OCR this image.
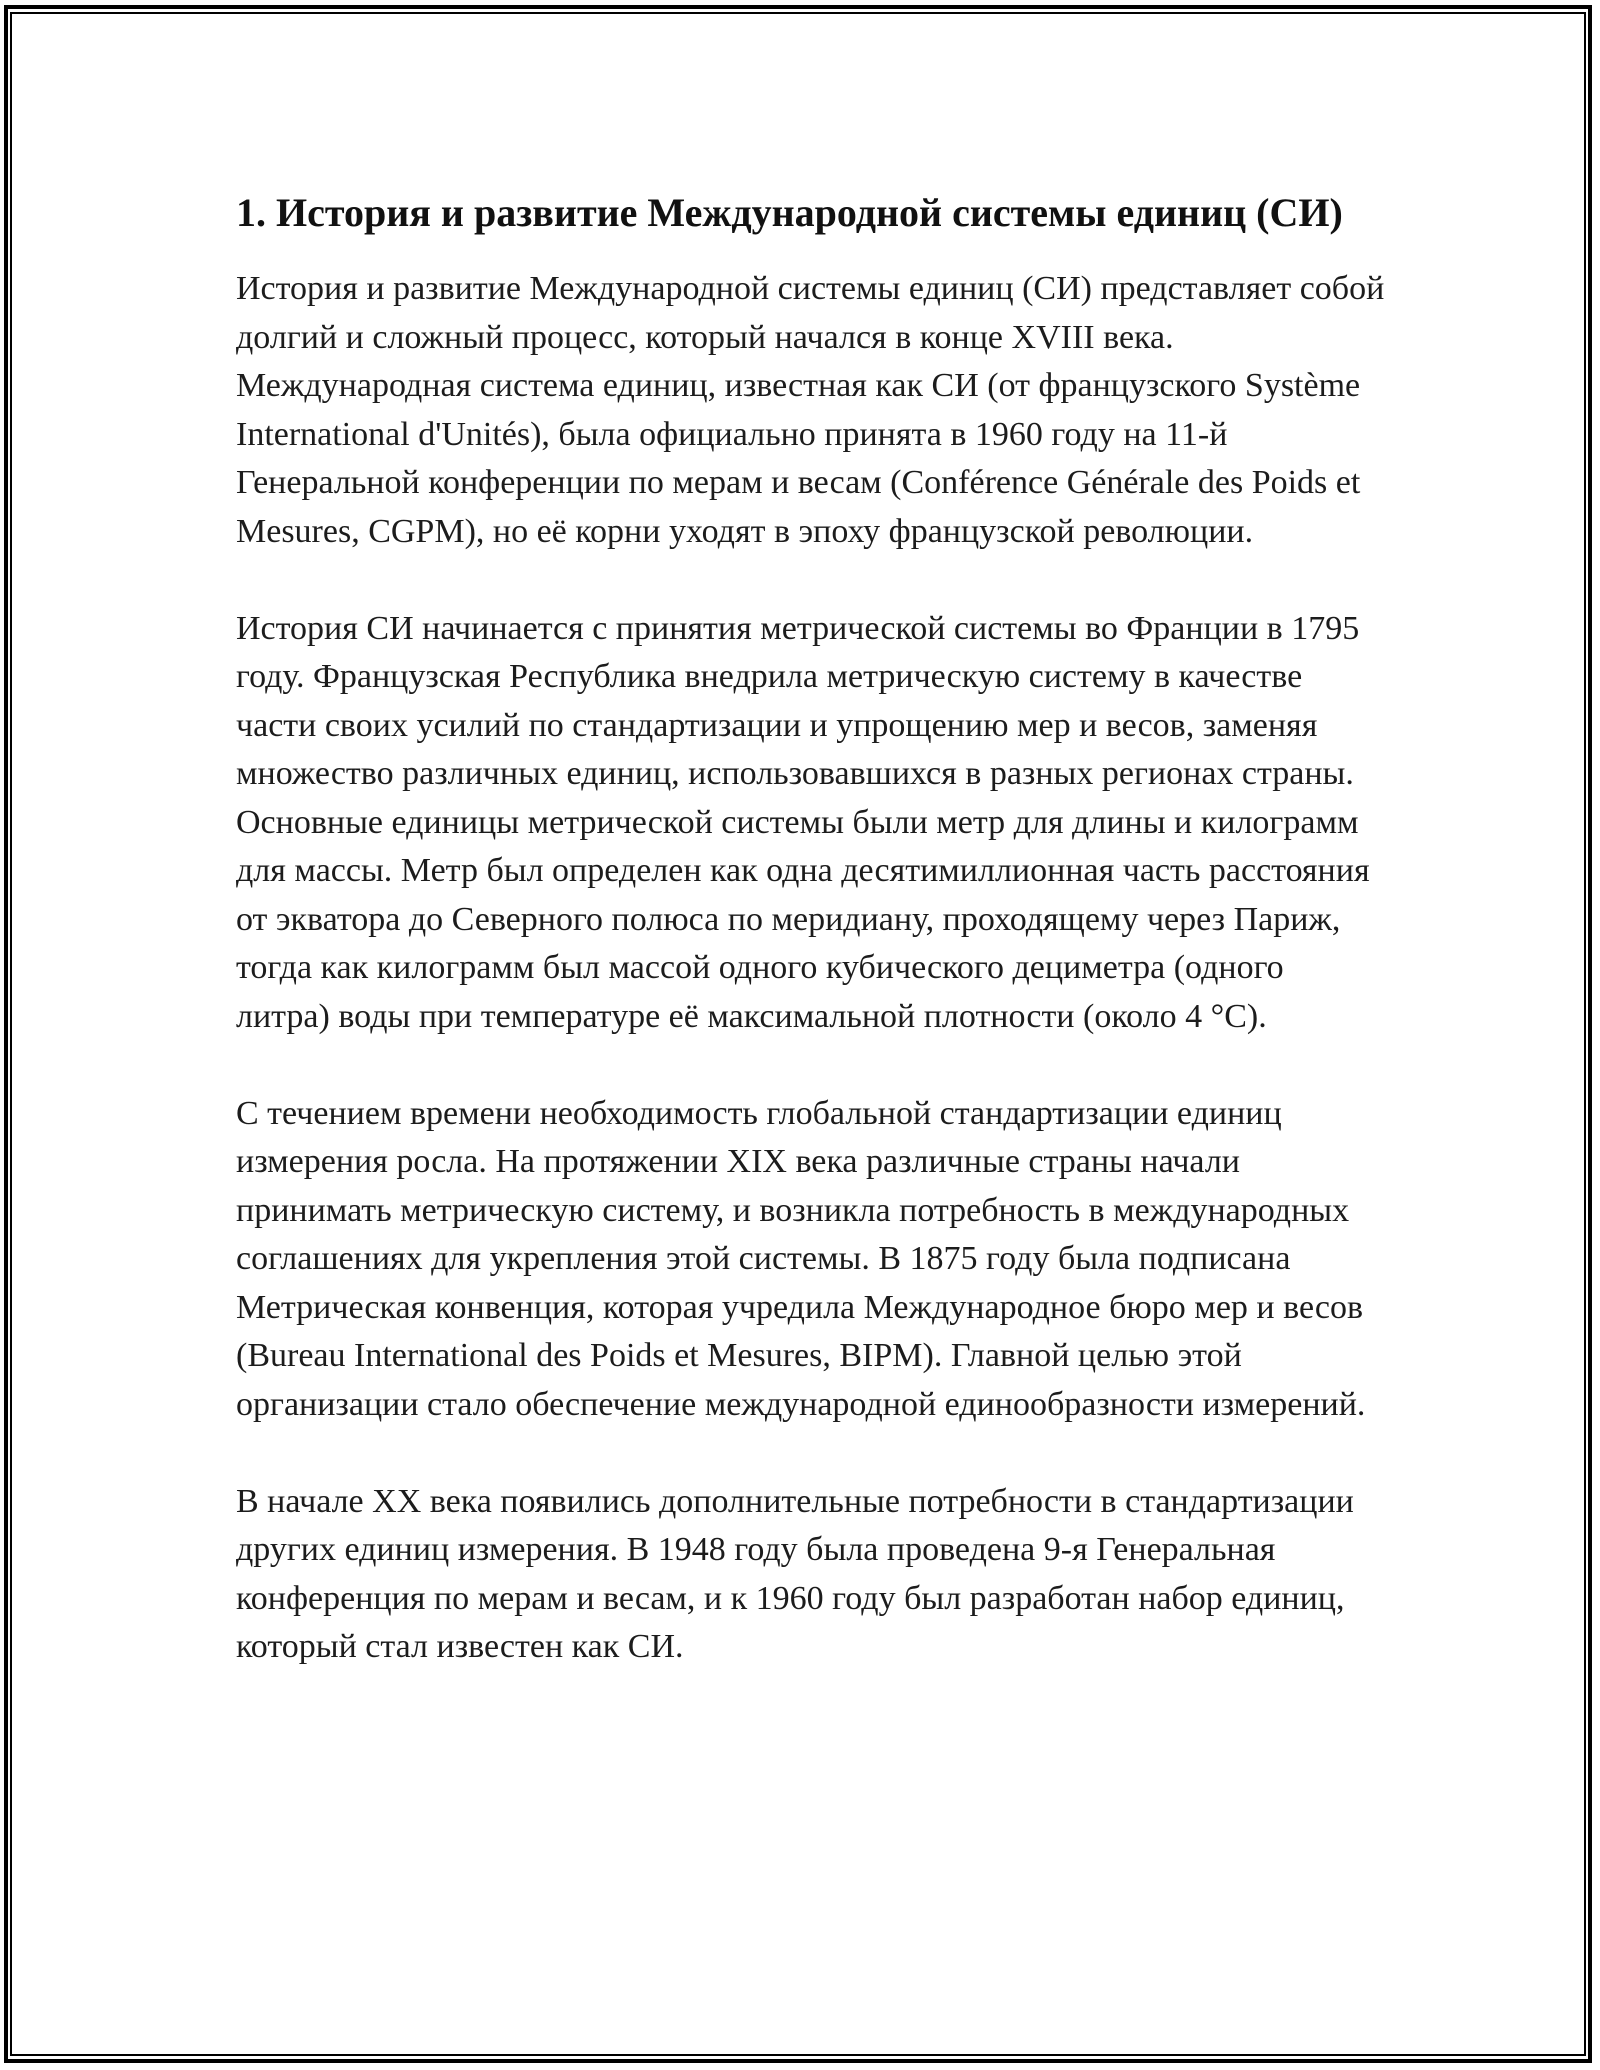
1. История и развитие Международной системы единиц (СИ)

История и развитие Международной системы единиц (СИ) представляет собой долгий и сложный процесс, который начался в конце XVIII века. Международная система единиц, известная как СИ (от французского Système International d'Unités), была официально принята в 1960 году на 11-й Генеральной конференции по мерам и весам (Conférence Générale des Poids et Mesures, CGPM), но её корни уходят в эпоху французской революции.

История СИ начинается с принятия метрической системы во Франции в 1795 году. Французская Республика внедрила метрическую систему в качестве части своих усилий по стандартизации и упрощению мер и весов, заменяя множество различных единиц, использовавшихся в разных регионах страны. Основные единицы метрической системы были метр для длины и килограмм для массы. Метр был определен как одна десятимиллионная часть расстояния от экватора до Северного полюса по меридиану, проходящему через Париж, тогда как килограмм был массой одного кубического дециметра (одного литра) воды при температуре её максимальной плотности (около 4 °C).

С течением времени необходимость глобальной стандартизации единиц измерения росла. На протяжении XIX века различные страны начали принимать метрическую систему, и возникла потребность в международных соглашениях для укрепления этой системы. В 1875 году была подписана Метрическая конвенция, которая учредила Международное бюро мер и весов (Bureau International des Poids et Mesures, BIPM). Главной целью этой организации стало обеспечение международной единообразности измерений.

В начале XX века появились дополнительные потребности в стандартизации других единиц измерения. В 1948 году была проведена 9-я Генеральная конференция по мерам и весам, и к 1960 году был разработан набор единиц, который стал известен как СИ.
